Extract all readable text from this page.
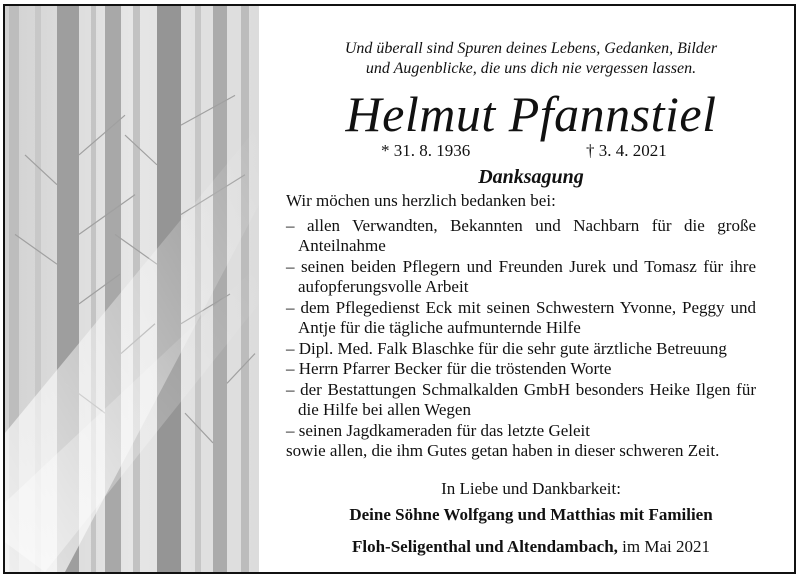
Und überall sind Spuren deines Lebens, Gedanken, Bilder
und Augenblicke, die uns dich nie vergessen lassen.
Helmut Pfannstiel
* 31. 8. 1936	† 3. 4. 2021
Danksagung

Wir möchen uns herzlich bedanken bei:

– allen Verwandten, Bekannten und Nachbarn für die große Anteilnahme
– seinen beiden Pflegern und Freunden Jurek und Tomasz für ihre aufopferungsvolle Arbeit
– dem Pflegedienst Eck mit seinen Schwestern Yvonne, Peggy und Antje für die tägliche aufmunternde Hilfe
– Dipl. Med. Falk Blaschke für die sehr gute ärztliche Betreuung
– Herrn Pfarrer Becker für die tröstenden Worte
– der Bestattungen Schmalkalden GmbH besonders Heike Ilgen für die Hilfe bei allen Wegen
– seinen Jagdkameraden für das letzte Geleit

sowie allen, die ihm Gutes getan haben in dieser schweren Zeit.

In Liebe und Dankbarkeit:
Deine Söhne Wolfgang und Matthias mit Familien
Floh-Seligenthal und Altendambach, im Mai 2021
